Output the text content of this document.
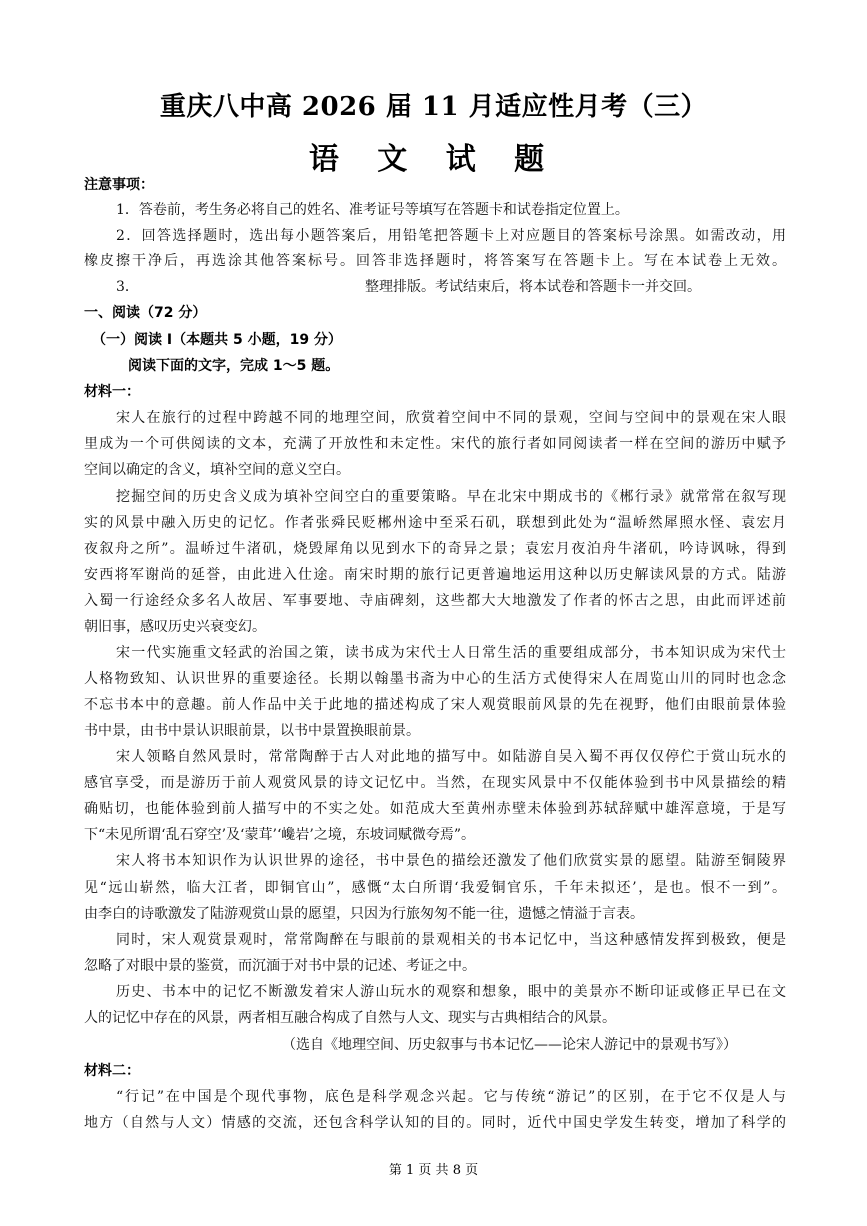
重庆八中高 2026 届 11 月适应性月考（三）
语 文 试 题
注意事项：
1．答卷前，考生务必将自己的姓名、准考证号等填写在答题卡和试卷指定位置上。
2．回答选择题时，选出每小题答案后，用铅笔把答题卡上对应题目的答案标号涂黑。如需改动，用
橡皮擦干净后，再选涂其他答案标号。回答非选择题时，将答案写在答题卡上。写在本试卷上无效。
3．	整理排版。考试结束后，将本试卷和答题卡一并交回。
一、阅读（72 分）
（一）阅读 I（本题共 5 小题，19 分）
阅读下面的文字，完成 1～5 题。
材料一：
宋人在旅行的过程中跨越不同的地理空间，欣赏着空间中不同的景观，空间与空间中的景观在宋人眼
里成为一个可供阅读的文本，充满了开放性和未定性。宋代的旅行者如同阅读者一样在空间的游历中赋予
空间以确定的含义，填补空间的意义空白。
挖掘空间的历史含义成为填补空间空白的重要策略。早在北宋中期成书的《郴行录》就常常在叙写现
实的风景中融入历史的记忆。作者张舜民贬郴州途中至采石矶，联想到此处为“温峤然犀照水怪、袁宏月
夜叙舟之所”。温峤过牛渚矶，烧毁犀角以见到水下的奇异之景；袁宏月夜泊舟牛渚矶，吟诗讽咏，得到
安西将军谢尚的延誉，由此进入仕途。南宋时期的旅行记更普遍地运用这种以历史解读风景的方式。陆游
入蜀一行途经众多名人故居、军事要地、寺庙碑刻，这些都大大地激发了作者的怀古之思，由此而评述前
朝旧事，感叹历史兴衰变幻。
宋一代实施重文轻武的治国之策，读书成为宋代士人日常生活的重要组成部分，书本知识成为宋代士
人格物致知、认识世界的重要途径。长期以翰墨书斋为中心的生活方式使得宋人在周览山川的同时也念念
不忘书本中的意趣。前人作品中关于此地的描述构成了宋人观赏眼前风景的先在视野，他们由眼前景体验
书中景，由书中景认识眼前景，以书中景置换眼前景。
宋人领略自然风景时，常常陶醉于古人对此地的描写中。如陆游自吴入蜀不再仅仅停伫于赏山玩水的
感官享受，而是游历于前人观赏风景的诗文记忆中。当然，在现实风景中不仅能体验到书中风景描绘的精
确贴切，也能体验到前人描写中的不实之处。如范成大至黄州赤壁未体验到苏轼辞赋中雄浑意境，于是写
下“未见所谓‘乱石穿空’及‘蒙茸’‘巉岩’之境，东坡词赋微夸焉”。
宋人将书本知识作为认识世界的途径，书中景色的描绘还激发了他们欣赏实景的愿望。陆游至铜陵界
见“远山崭然，临大江者，即铜官山”，感慨“太白所谓‘我爱铜官乐，千年未拟还’，是也。恨不一到”。
由李白的诗歌激发了陆游观赏山景的愿望，只因为行旅匆匆不能一往，遗憾之情溢于言表。
同时，宋人观赏景观时，常常陶醉在与眼前的景观相关的书本记忆中，当这种感情发挥到极致，便是
忽略了对眼中景的鉴赏，而沉湎于对书中景的记述、考证之中。
历史、书本中的记忆不断激发着宋人游山玩水的观察和想象，眼中的美景亦不断印证或修正早已在文
人的记忆中存在的风景，两者相互融合构成了自然与人文、现实与古典相结合的风景。
（选自《地理空间、历史叙事与书本记忆——论宋人游记中的景观书写》）
材料二：
“行记”在中国是个现代事物，底色是科学观念兴起。它与传统“游记”的区别，在于它不仅是人与
地方（自然与人文）情感的交流，还包含科学认知的目的。同时，近代中国史学发生转变，增加了科学的
第 1 页 共 8 页
